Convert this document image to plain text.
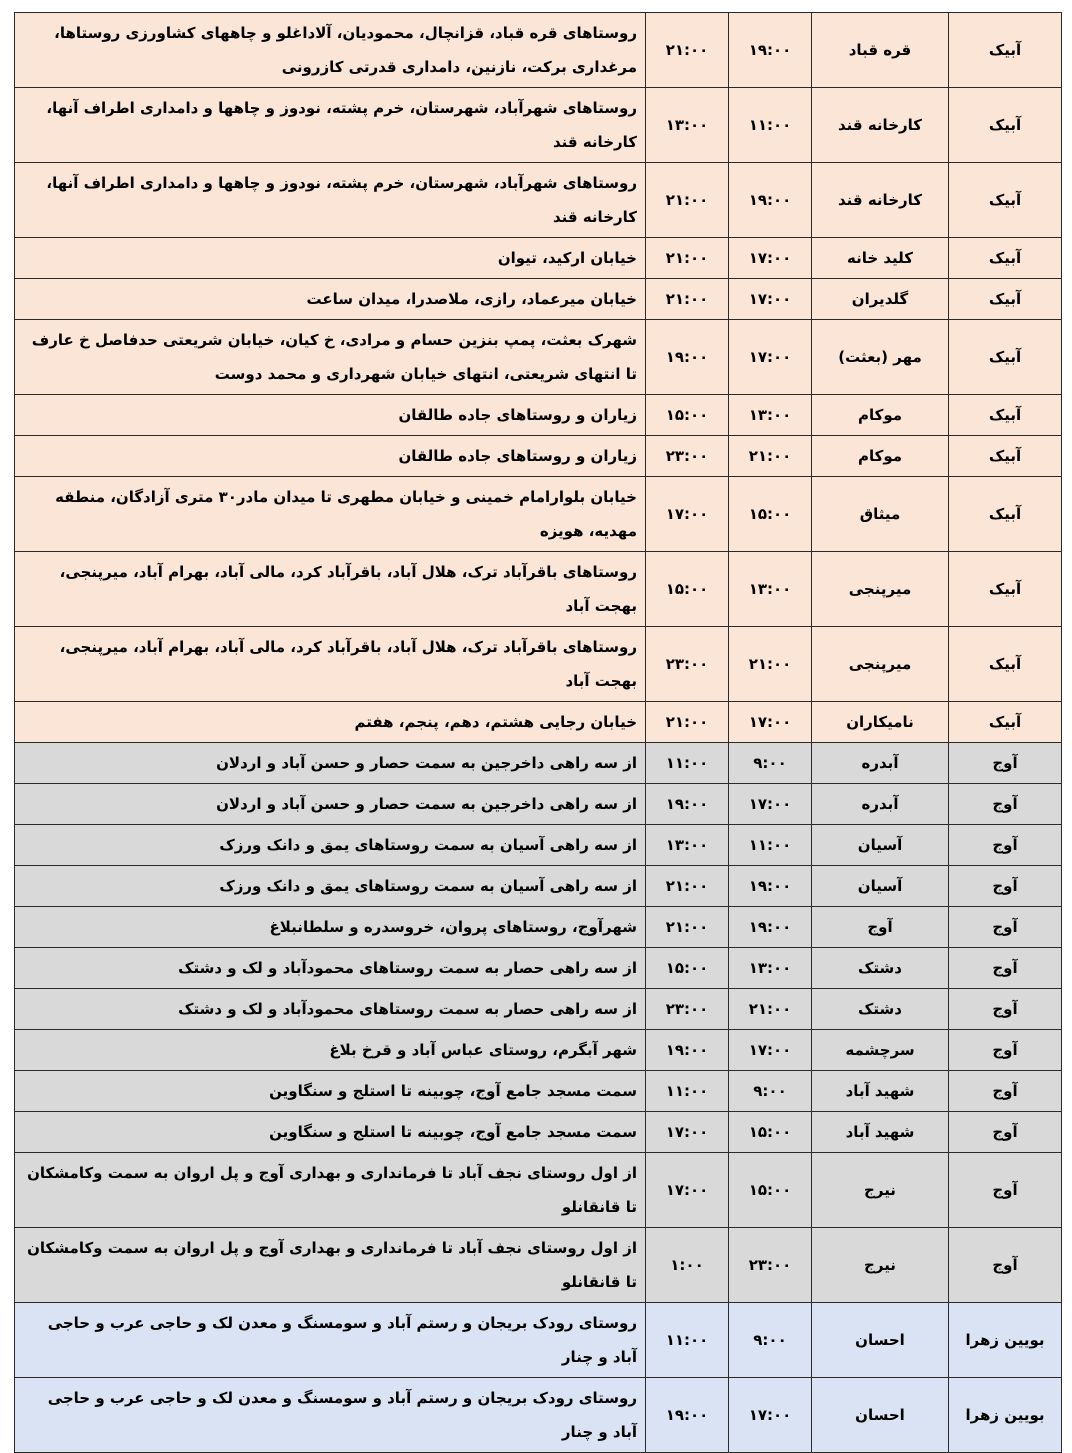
آبیک	قره قباد	۱۹:۰۰	۲۱:۰۰	روستاهای قره قباد، قزانچال، محمودیان، آلاداغلو و چاههای کشاورزی روستاها، مرغداری برکت، نازنین، دامداری قدرتی کازرونی
آبیک	کارخانه قند	۱۱:۰۰	۱۳:۰۰	روستاهای شهرآباد، شهرستان، خرم پشته، نودوز و چاهها و دامداری اطراف آنها، کارخانه قند
آبیک	کارخانه قند	۱۹:۰۰	۲۱:۰۰	روستاهای شهرآباد، شهرستان، خرم پشته، نودوز و چاهها و دامداری اطراف آنها، کارخانه قند
آبیک	کلید خانه	۱۷:۰۰	۲۱:۰۰	خیابان ارکید، تیوان
آبیک	گلدیران	۱۷:۰۰	۲۱:۰۰	خیابان میرعماد، رازی، ملاصدرا، میدان ساعت
آبیک	مهر (بعثت)	۱۷:۰۰	۱۹:۰۰	شهرک بعثت، پمپ بنزین حسام و مرادی، خ کیان، خیابان شریعتی حدفاصل خ عارف تا انتهای شریعتی، انتهای خیابان شهرداری و محمد دوست
آبیک	موکام	۱۳:۰۰	۱۵:۰۰	زیاران و روستاهای جاده طالقان
آبیک	موکام	۲۱:۰۰	۲۳:۰۰	زیاران و روستاهای جاده طالقان
آبیک	میثاق	۱۵:۰۰	۱۷:۰۰	خیابان بلوارامام خمینی و خیابان مطهری تا میدان مادر۳۰ متری آزادگان، منطقه مهدیه، هویزه
آبیک	میرپنجی	۱۳:۰۰	۱۵:۰۰	روستاهای باقرآباد ترک، هلال آباد، باقرآباد کرد، مالی آباد، بهرام آباد، میرپنجی، بهجت آباد
آبیک	میرپنجی	۲۱:۰۰	۲۳:۰۰	روستاهای باقرآباد ترک، هلال آباد، باقرآباد کرد، مالی آباد، بهرام آباد، میرپنجی، بهجت آباد
آبیک	نامیکاران	۱۷:۰۰	۲۱:۰۰	خیابان رجایی هشتم، دهم، پنجم، هفتم
آوج	آبدره	۹:۰۰	۱۱:۰۰	از سه راهی داخرجین به سمت حصار و حسن آباد و اردلان
آوج	آبدره	۱۷:۰۰	۱۹:۰۰	از سه راهی داخرجین به سمت حصار و حسن آباد و اردلان
آوج	آسیان	۱۱:۰۰	۱۳:۰۰	از سه راهی آسیان به سمت روستاهای یمق و دانک ورزک
آوج	آسیان	۱۹:۰۰	۲۱:۰۰	از سه راهی آسیان به سمت روستاهای یمق و دانک ورزک
آوج	آوج	۱۹:۰۰	۲۱:۰۰	شهرآوج، روستاهای پروان، خروسدره و سلطانبلاغ
آوج	دشتک	۱۳:۰۰	۱۵:۰۰	از سه راهی حصار به سمت روستاهای محمودآباد و لک و دشتک
آوج	دشتک	۲۱:۰۰	۲۳:۰۰	از سه راهی حصار به سمت روستاهای محمودآباد و لک و دشتک
آوج	سرچشمه	۱۷:۰۰	۱۹:۰۰	شهر آبگرم، روستای عباس آباد و قرخ بلاغ
آوج	شهید آباد	۹:۰۰	۱۱:۰۰	سمت مسجد جامع آوج، چوبینه تا استلج و سنگاوین
آوج	شهید آباد	۱۵:۰۰	۱۷:۰۰	سمت مسجد جامع آوج، چوبینه تا استلج و سنگاوین
آوج	نیرج	۱۵:۰۰	۱۷:۰۰	از اول روستای نجف آباد تا فرمانداری و بهداری آوج و پل اروان به سمت وکامشکان تا قانقانلو
آوج	نیرج	۲۳:۰۰	۱:۰۰	از اول روستای نجف آباد تا فرمانداری و بهداری آوج و پل اروان به سمت وکامشکان تا قانقانلو
بویین زهرا	احسان	۹:۰۰	۱۱:۰۰	روستای رودک بریجان و رستم آباد و سومسنگ و معدن لک و حاجی عرب و حاجی آباد و چنار
بویین زهرا	احسان	۱۷:۰۰	۱۹:۰۰	روستای رودک بریجان و رستم آباد و سومسنگ و معدن لک و حاجی عرب و حاجی آباد و چنار
